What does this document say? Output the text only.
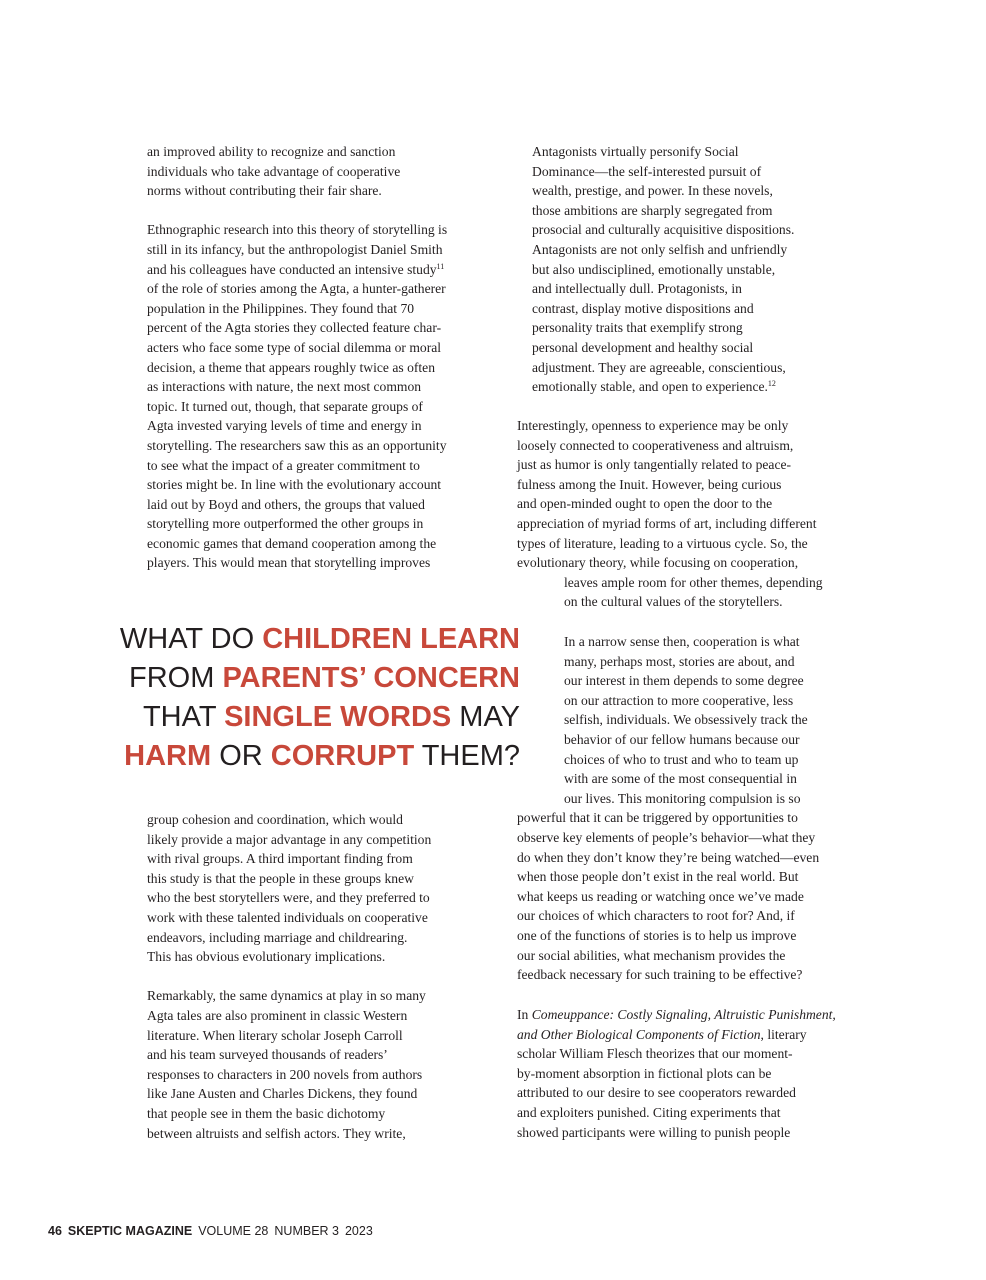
an improved ability to recognize and sanction
individuals who take advantage of cooperative
norms without contributing their fair share.
Ethnographic research into this theory of storytelling is
still in its infancy, but the anthropologist Daniel Smith
and his colleagues have conducted an intensive study$^{11}$
of the role of stories among the Agta, a hunter-gatherer
population in the Philippines. They found that 70
percent of the Agta stories they collected feature char-
acters who face some type of social dilemma or moral
decision, a theme that appears roughly twice as often
as interactions with nature, the next most common
topic. It turned out, though, that separate groups of
Agta invested varying levels of time and energy in
storytelling. The researchers saw this as an opportunity
to see what the impact of a greater commitment to
stories might be. In line with the evolutionary account
laid out by Boyd and others, the groups that valued
storytelling more outperformed the other groups in
economic games that demand cooperation among the
players. This would mean that storytelling improves
WHAT DO CHILDREN LEARN
FROM PARENTS’ CONCERN
THAT SINGLE WORDS MAY
HARM OR CORRUPT THEM?
group cohesion and coordination, which would
likely provide a major advantage in any competition
with rival groups. A third important finding from
this study is that the people in these groups knew
who the best storytellers were, and they preferred to
work with these talented individuals on cooperative
endeavors, including marriage and childrearing.
This has obvious evolutionary implications.
Remarkably, the same dynamics at play in so many
Agta tales are also prominent in classic Western
literature. When literary scholar Joseph Carroll
and his team surveyed thousands of readers’
responses to characters in 200 novels from authors
like Jane Austen and Charles Dickens, they found
that people see in them the basic dichotomy
between altruists and selfish actors. They write,
Antagonists virtually personify Social
Dominance—the self-interested pursuit of
wealth, prestige, and power. In these novels,
those ambitions are sharply segregated from
prosocial and culturally acquisitive dispositions.
Antagonists are not only selfish and unfriendly
but also undisciplined, emotionally unstable,
and intellectually dull. Protagonists, in
contrast, display motive dispositions and
personality traits that exemplify strong
personal development and healthy social
adjustment. They are agreeable, conscientious,
emotionally stable, and open to experience.$^{12}$
Interestingly, openness to experience may be only
loosely connected to cooperativeness and altruism,
just as humor is only tangentially related to peace-
fulness among the Inuit. However, being curious
and open-minded ought to open the door to the
appreciation of myriad forms of art, including different
types of literature, leading to a virtuous cycle. So, the
evolutionary theory, while focusing on cooperation,
leaves ample room for other themes, depending
on the cultural values of the storytellers.
In a narrow sense then, cooperation is what
many, perhaps most, stories are about, and
our interest in them depends to some degree
on our attraction to more cooperative, less
selfish, individuals. We obsessively track the
behavior of our fellow humans because our
choices of who to trust and who to team up
with are some of the most consequential in
our lives. This monitoring compulsion is so
powerful that it can be triggered by opportunities to
observe key elements of people’s behavior—what they
do when they don’t know they’re being watched—even
when those people don’t exist in the real world. But
what keeps us reading or watching once we’ve made
our choices of which characters to root for? And, if
one of the functions of stories is to help us improve
our social abilities, what mechanism provides the
feedback necessary for such training to be effective?
In Comeuppance: Costly Signaling, Altruistic Punishment,
and Other Biological Components of Fiction, literary
scholar William Flesch theorizes that our moment-
by-moment absorption in fictional plots can be
attributed to our desire to see cooperators rewarded
and exploiters punished. Citing experiments that
showed participants were willing to punish people
46 SKEPTIC MAGAZINE VOLUME 28 NUMBER 3 2023
